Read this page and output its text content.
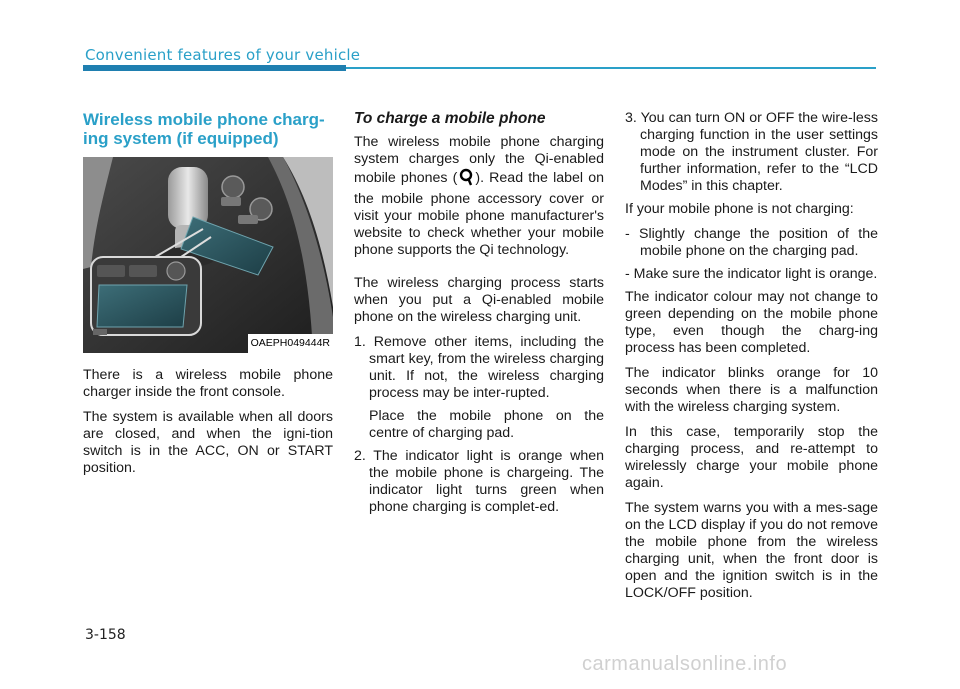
Convenient features of your vehicle
Wireless mobile phone charg-ing system (if equipped)
OAEPH049444R

There is a wireless mobile phone charger inside the front console.

The system is available when all doors are closed, and when the igni-tion switch is in the ACC, ON or START position.

To charge a mobile phone

The wireless mobile phone charging system charges only the Qi-enabled mobile phones ( ). Read the label on the mobile phone accessory cover or visit your mobile phone manufacturer's website to check whether your mobile phone supports the Qi technology.

The wireless charging process starts when you put a Qi-enabled mobile phone on the wireless charging unit.

1. Remove other items, including the smart key, from the wireless charging unit. If not, the wireless charging process may be inter-rupted.
Place the mobile phone on the centre of charging pad.
2. The indicator light is orange when the mobile phone is chargeing. The indicator light turns green when phone charging is complet-ed.
3. You can turn ON or OFF the wire-less charging function in the user settings mode on the instrument cluster. For further information, refer to the “LCD Modes” in this chapter.

If your mobile phone is not charging:

- Slightly change the position of the mobile phone on the charging pad.
- Make sure the indicator light is orange.

The indicator colour may not change to green depending on the mobile phone type, even though the charg-ing process has been completed.

The indicator blinks orange for 10 seconds when there is a malfunction with the wireless charging system.

In this case, temporarily stop the charging process, and re-attempt to wirelessly charge your mobile phone again.

The system warns you with a mes-sage on the LCD display if you do not remove the mobile phone from the wireless charging unit, when the front door is open and the ignition switch is in the LOCK/OFF position.

3-158
carmanualsonline.info
